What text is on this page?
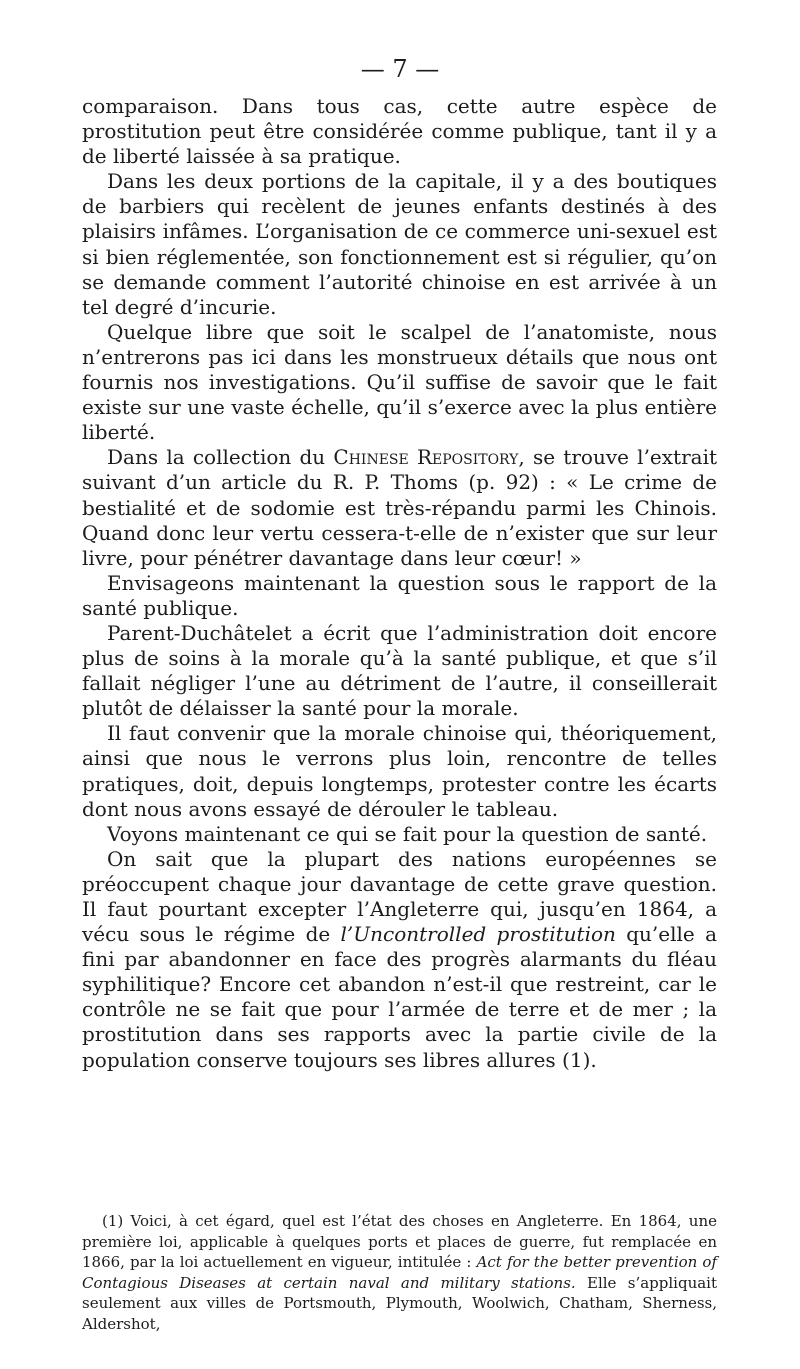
— 7 —

comparaison. Dans tous cas, cette autre espèce de prostitution peut être considérée comme publique, tant il y a de liberté laissée à sa pratique.

Dans les deux portions de la capitale, il y a des boutiques de barbiers qui recèlent de jeunes enfants destinés à des plaisirs infâmes. L’organisation de ce commerce uni-sexuel est si bien réglementée, son fonctionnement est si régulier, qu’on se demande comment l’autorité chinoise en est arrivée à un tel degré d’incurie.

Quelque libre que soit le scalpel de l’anatomiste, nous n’entrerons pas ici dans les monstrueux détails que nous ont fournis nos investigations. Qu’il suffise de savoir que le fait existe sur une vaste échelle, qu’il s’exerce avec la plus entière liberté.

Dans la collection du Chinese Repository, se trouve l’extrait suivant d’un article du R. P. Thoms (p. 92) : « Le crime de bestialité et de sodomie est très-répandu parmi les Chinois. Quand donc leur vertu cessera-t-elle de n’exister que sur leur livre, pour pénétrer davantage dans leur cœur! »

Envisageons maintenant la question sous le rapport de la santé publique.

Parent-Duchâtelet a écrit que l’administration doit encore plus de soins à la morale qu’à la santé publique, et que s’il fallait négliger l’une au détriment de l’autre, il conseillerait plutôt de délaisser la santé pour la morale.

Il faut convenir que la morale chinoise qui, théoriquement, ainsi que nous le verrons plus loin, rencontre de telles pratiques, doit, depuis longtemps, protester contre les écarts dont nous avons essayé de dérouler le tableau.

Voyons maintenant ce qui se fait pour la question de santé.

On sait que la plupart des nations européennes se préoccupent chaque jour davantage de cette grave question. Il faut pourtant excepter l’Angleterre qui, jusqu’en 1864, a vécu sous le régime de l’Uncontrolled prostitution qu’elle a fini par abandonner en face des progrès alarmants du fléau syphilitique? Encore cet abandon n’est-il que restreint, car le contrôle ne se fait que pour l’armée de terre et de mer ; la prostitution dans ses rapports avec la partie civile de la population conserve toujours ses libres allures (1).

(1) Voici, à cet égard, quel est l’état des choses en Angleterre. En 1864, une première loi, applicable à quelques ports et places de guerre, fut remplacée en 1866, par la loi actuellement en vigueur, intitulée : Act for the better prevention of Contagious Diseases at certain naval and military stations. Elle s’appliquait seulement aux villes de Portsmouth, Plymouth, Woolwich, Chatham, Sherness, Aldershot,
